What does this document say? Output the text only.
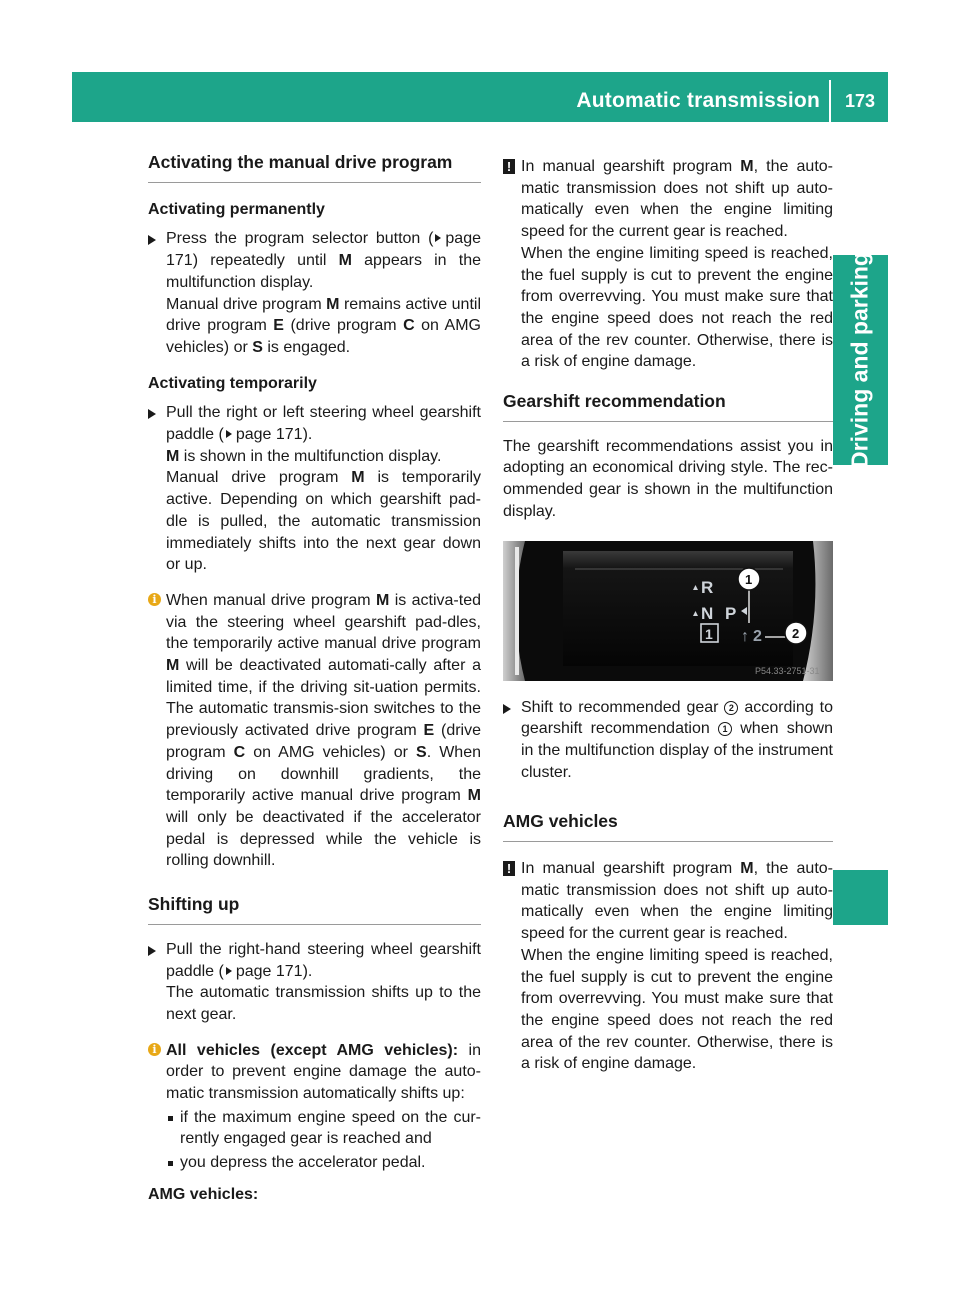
Automatic transmission	173
Driving and parking
Activating the manual drive program
Activating permanently

Press the program selector button ( page 171) repeatedly until M appears in the multifunction display.

Manual drive program M remains active until drive program E (drive program C on AMG vehicles) or S is engaged.

Activating temporarily

Pull the right or left steering wheel gearshift paddle ( page 171).

M is shown in the multifunction display.

Manual drive program M is temporarily active. Depending on which gearshift pad-dle is pulled, the automatic transmission immediately shifts into the next gear down or up.

i When manual drive program M is activa-ted via the steering wheel gearshift pad-dles, the temporarily active manual drive program M will be deactivated automati-cally after a limited time, if the driving sit-uation permits. The automatic transmis-sion switches to the previously activated drive program E (drive program C on AMG vehicles) or S. When driving on downhill gradients, the temporarily active manual drive program M will only be deactivated if the accelerator pedal is depressed while the vehicle is rolling downhill.

Shifting up

Pull the right-hand steering wheel gearshift paddle ( page 171).

The automatic transmission shifts up to the next gear.

i All vehicles (except AMG vehicles): in order to prevent engine damage the auto-matic transmission automatically shifts up:

if the maximum engine speed on the cur-rently engaged gear is reached and

you depress the accelerator pedal.

AMG vehicles:

! In manual gearshift program M, the auto-matic transmission does not shift up auto-matically even when the engine limiting speed for the current gear is reached.

When the engine limiting speed is reached, the fuel supply is cut to prevent the engine from overrevving. You must make sure that the engine speed does not reach the red area of the rev counter. Otherwise, there is a risk of engine damage.

Gearshift recommendation

The gearshift recommendations assist you in adopting an economical driving style. The rec-ommended gear is shown in the multifunction display.

R
N P
1 ↑ 2
1
2
P54.33-2751-31

Shift to recommended gear 2 according to gearshift recommendation 1 when shown in the multifunction display of the instrument cluster.

AMG vehicles
! In manual gearshift program M, the auto-matic transmission does not shift up auto-matically even when the engine limiting speed for the current gear is reached.

When the engine limiting speed is reached, the fuel supply is cut to prevent the engine from overrevving. You must make sure that the engine speed does not reach the red area of the rev counter. Otherwise, there is a risk of engine damage.
